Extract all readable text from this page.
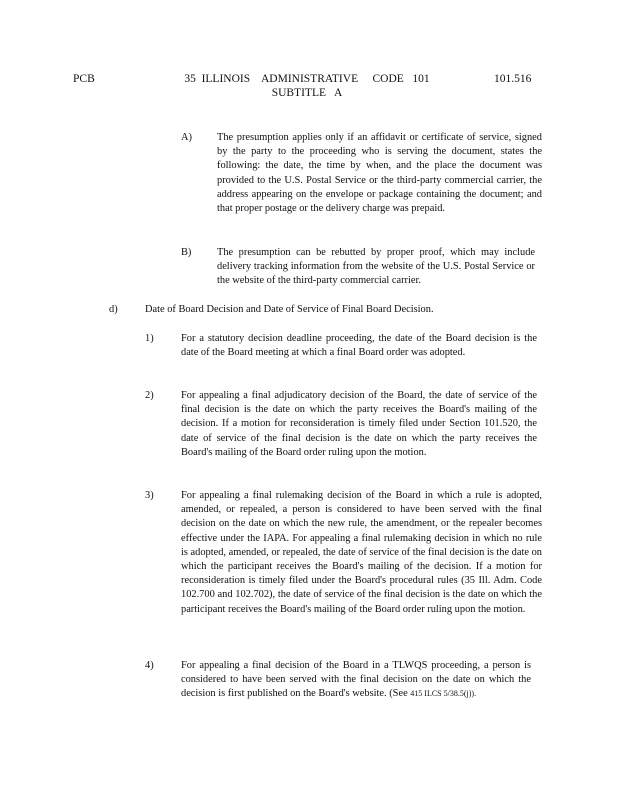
PCB	35  ILLINOIS    ADMINISTRATIVE     CODE   101
SUBTITLE   A
101.516
A) The presumption applies only if an affidavit or certificate of service, signed by the party to the proceeding who is serving the document, states the following: the date, the time by when, and the place the document was provided to the U.S. Postal Service or the third-party commercial carrier, the address appearing on the envelope or package containing the document; and that proper postage or the delivery charge was prepaid.

B) The presumption can be rebutted by proper proof, which may include delivery tracking information from the website of the U.S. Postal Service or the website of the third-party commercial carrier.

d)	Date of Board Decision and Date of Service of Final Board Decision.
1)	For a statutory decision deadline proceeding, the date of the Board decision is the date of the Board meeting at which a final Board order was adopted.

2)	For appealing a final adjudicatory decision of the Board, the date of service of the final decision is the date on which the party receives the Board's mailing of the decision. If a motion for reconsideration is timely filed under Section 101.520, the date of service of the final decision is the date on which the party receives the Board's mailing of the Board order ruling upon the motion.

3)	For appealing a final rulemaking decision of the Board in which a rule is adopted, amended, or repealed, a person is considered to have been served with the final decision on the date on which the new rule, the amendment, or the repealer becomes effective under the IAPA. For appealing a final rulemaking decision in which no rule is adopted, amended, or repealed, the date of service of the final decision is the date on which the participant receives the Board's mailing of the decision. If a motion for reconsideration is timely filed under the Board's procedural rules (35 Ill. Adm. Code 102.700 and 102.702), the date of service of the final decision is the date on which the participant receives the Board's mailing of the Board order ruling upon the motion.

4)	For appealing a final decision of the Board in a TLWQS proceeding, a person is considered to have been served with the final decision on the date on which the decision is first published on the Board's website. (See 415 ILCS 5/38.5(j)).
